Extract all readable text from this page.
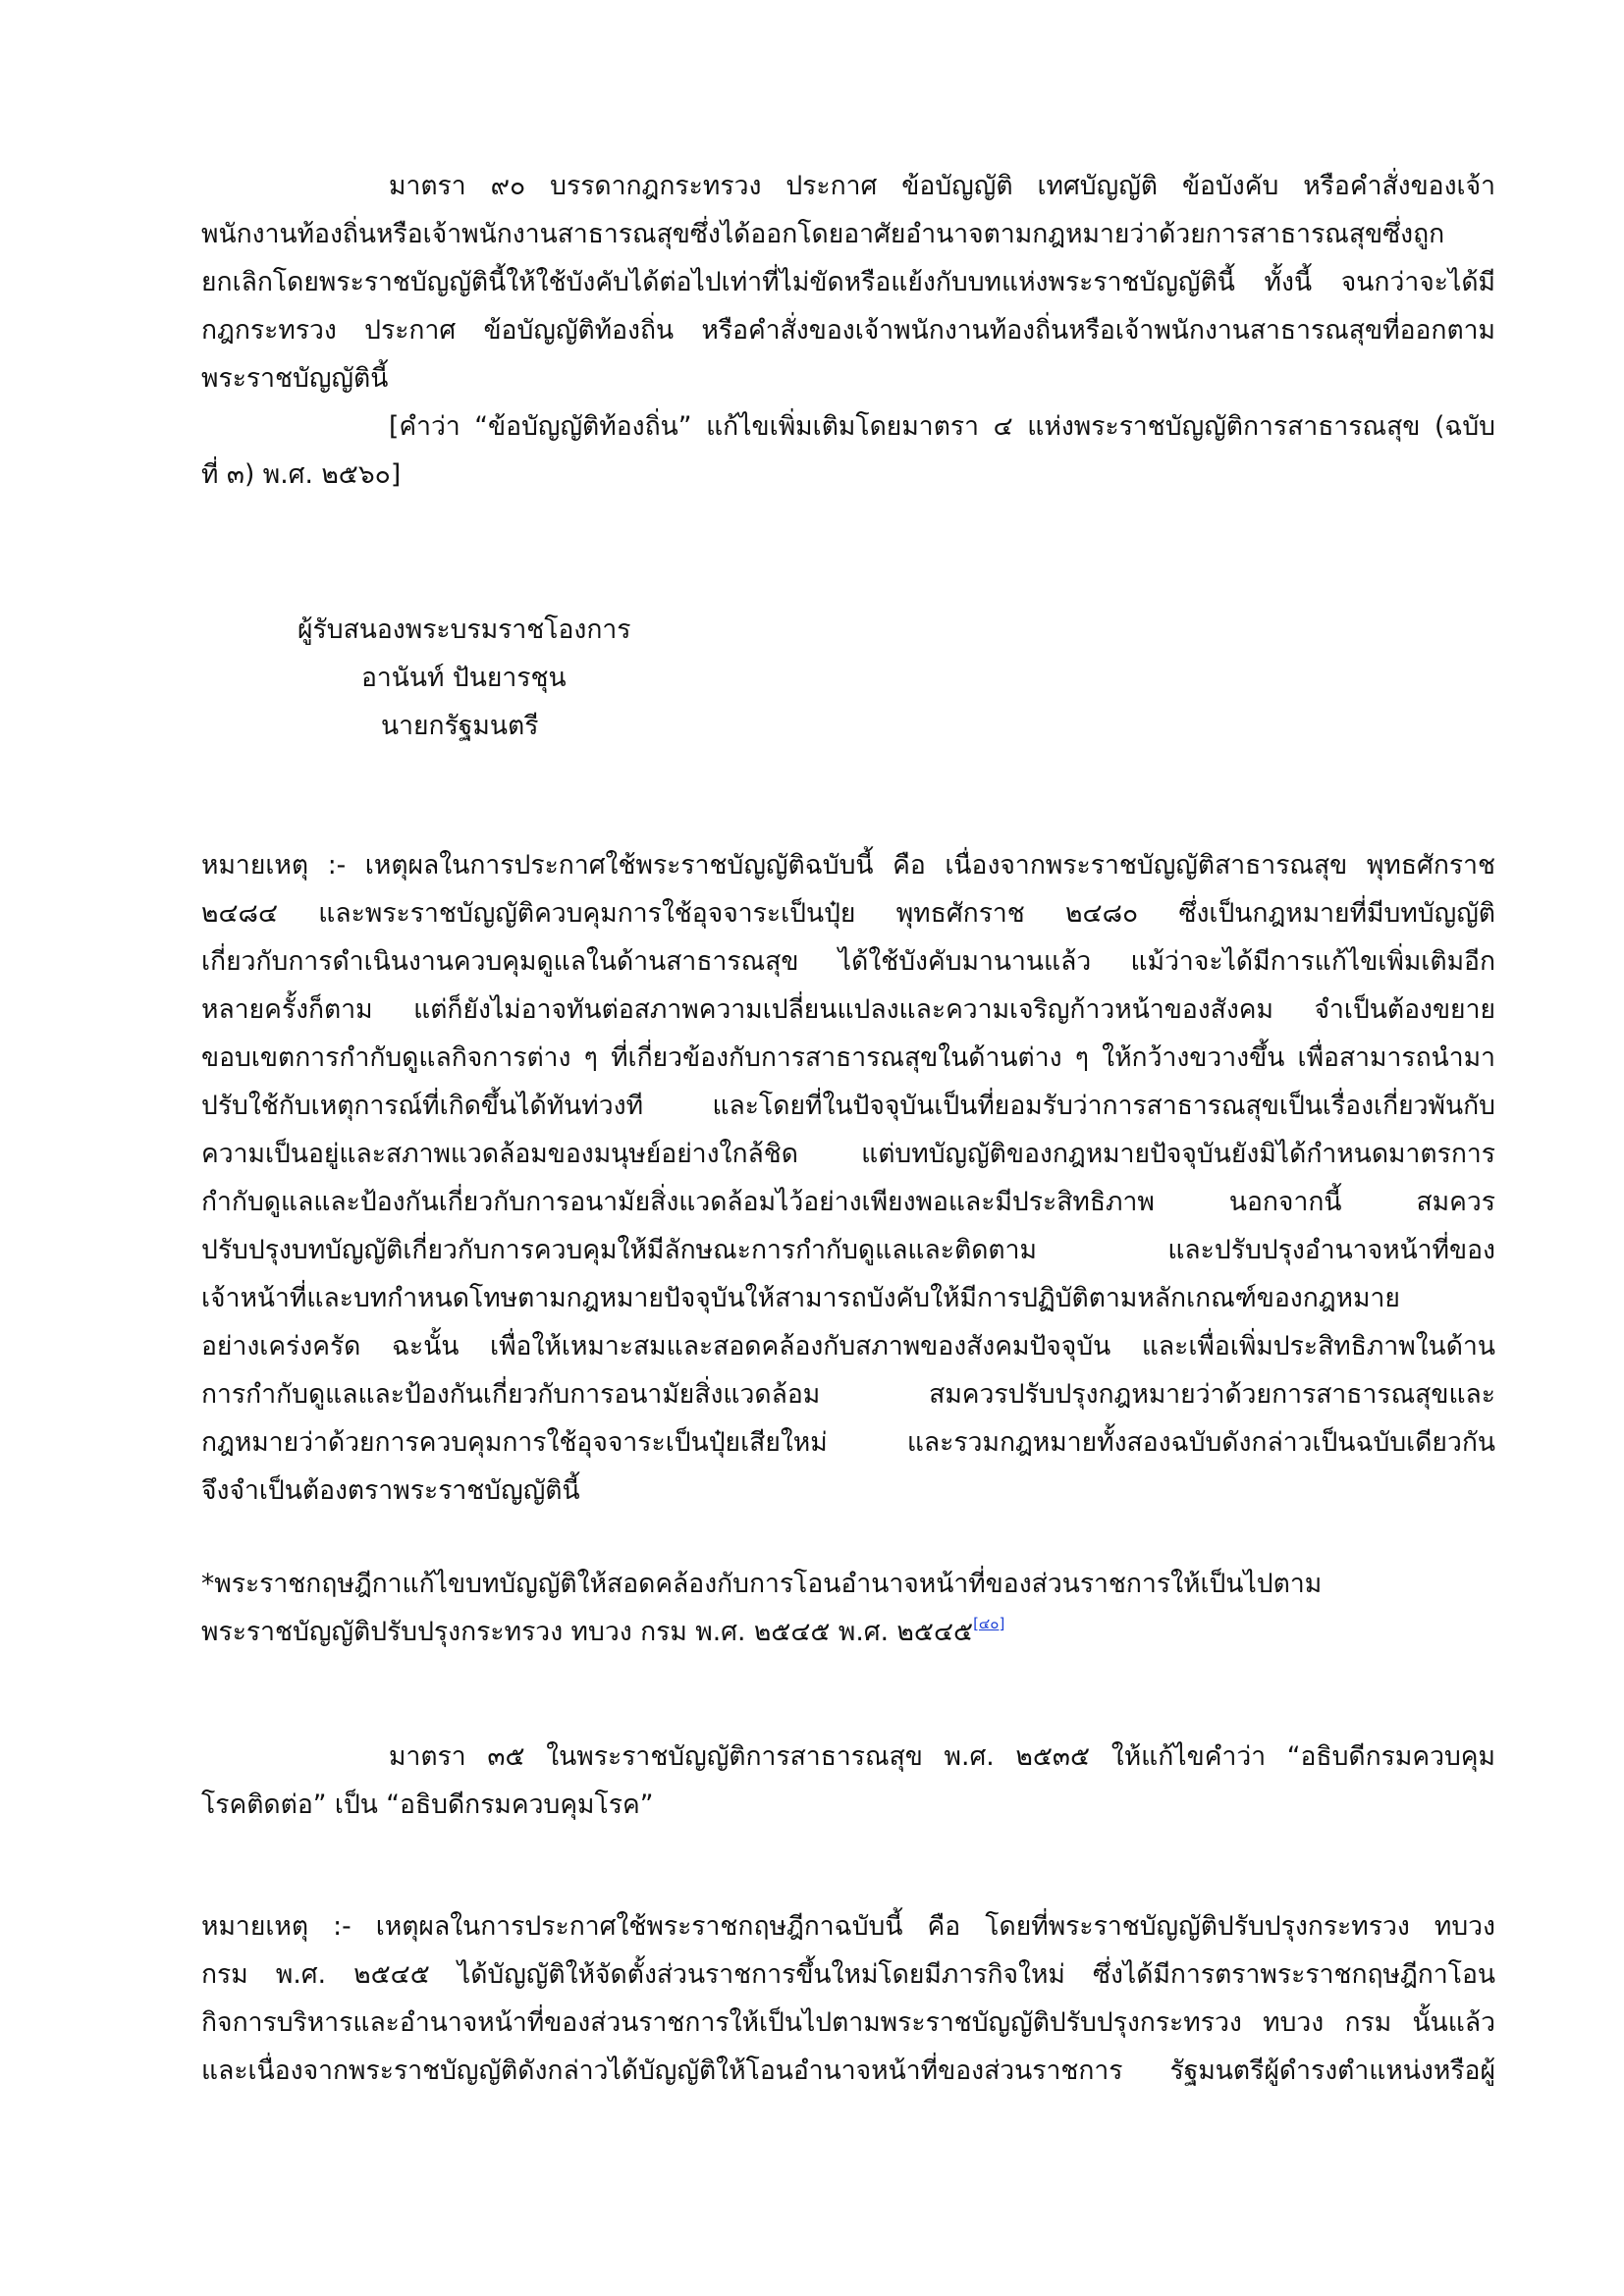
มาตรา ๙๐ บรรดากฎกระทรวง ประกาศ ข้อบัญญัติ เทศบัญญัติ ข้อบังคับ หรือคำสั่งของเจ้า

พนักงานท้องถิ่นหรือเจ้าพนักงานสาธารณสุขซึ่งได้ออกโดยอาศัยอำนาจตามกฎหมายว่าด้วยการสาธารณสุขซึ่งถูก

ยกเลิกโดยพระราชบัญญัตินี้ให้ใช้บังคับได้ต่อไปเท่าที่ไม่ขัดหรือแย้งกับบทแห่งพระราชบัญญัตินี้ ทั้งนี้ จนกว่าจะได้มี

กฎกระทรวง ประกาศ ข้อบัญญัติท้องถิ่น หรือคำสั่งของเจ้าพนักงานท้องถิ่นหรือเจ้าพนักงานสาธารณสุขที่ออกตาม

พระราชบัญญัตินี้

[คำว่า “ข้อบัญญัติท้องถิ่น” แก้ไขเพิ่มเติมโดยมาตรา ๔ แห่งพระราชบัญญัติการสาธารณสุข (ฉบับ

ที่ ๓) พ.ศ. ๒๕๖๐]

ผู้รับสนองพระบรมราชโองการ

อานันท์ ปันยารชุน

นายกรัฐมนตรี

หมายเหตุ :- เหตุผลในการประกาศใช้พระราชบัญญัติฉบับนี้ คือ เนื่องจากพระราชบัญญัติสาธารณสุข พุทธศักราช

๒๔๘๔ และพระราชบัญญัติควบคุมการใช้อุจจาระเป็นปุ๋ย พุทธศักราช ๒๔๘๐ ซึ่งเป็นกฎหมายที่มีบทบัญญัติ

เกี่ยวกับการดำเนินงานควบคุมดูแลในด้านสาธารณสุข ได้ใช้บังคับมานานแล้ว แม้ว่าจะได้มีการแก้ไขเพิ่มเติมอีก

หลายครั้งก็ตาม แต่ก็ยังไม่อาจทันต่อสภาพความเปลี่ยนแปลงและความเจริญก้าวหน้าของสังคม จำเป็นต้องขยาย

ขอบเขตการกำกับดูแลกิจการต่าง ๆ ที่เกี่ยวข้องกับการสาธารณสุขในด้านต่าง ๆ ให้กว้างขวางขึ้น เพื่อสามารถนำมา

ปรับใช้กับเหตุการณ์ที่เกิดขึ้นได้ทันท่วงที และโดยที่ในปัจจุบันเป็นที่ยอมรับว่าการสาธารณสุขเป็นเรื่องเกี่ยวพันกับ

ความเป็นอยู่และสภาพแวดล้อมของมนุษย์อย่างใกล้ชิด แต่บทบัญญัติของกฎหมายปัจจุบันยังมิได้กำหนดมาตรการ

กำกับดูแลและป้องกันเกี่ยวกับการอนามัยสิ่งแวดล้อมไว้อย่างเพียงพอและมีประสิทธิภาพ นอกจากนี้ สมควร

ปรับปรุงบทบัญญัติเกี่ยวกับการควบคุมให้มีลักษณะการกำกับดูแลและติดตาม และปรับปรุงอำนาจหน้าที่ของ

เจ้าหน้าที่และบทกำหนดโทษตามกฎหมายปัจจุบันให้สามารถบังคับให้มีการปฏิบัติตามหลักเกณฑ์ของกฎหมาย

อย่างเคร่งครัด ฉะนั้น เพื่อให้เหมาะสมและสอดคล้องกับสภาพของสังคมปัจจุบัน และเพื่อเพิ่มประสิทธิภาพในด้าน

การกำกับดูแลและป้องกันเกี่ยวกับการอนามัยสิ่งแวดล้อม สมควรปรับปรุงกฎหมายว่าด้วยการสาธารณสุขและ

กฎหมายว่าด้วยการควบคุมการใช้อุจจาระเป็นปุ๋ยเสียใหม่ และรวมกฎหมายทั้งสองฉบับดังกล่าวเป็นฉบับเดียวกัน

จึงจำเป็นต้องตราพระราชบัญญัตินี้

*พระราชกฤษฎีกาแก้ไขบทบัญญัติให้สอดคล้องกับการโอนอำนาจหน้าที่ของส่วนราชการให้เป็นไปตาม

พระราชบัญญัติปรับปรุงกระทรวง ทบวง กรม พ.ศ. ๒๕๔๕ พ.ศ. ๒๕๔๕[๔๐]

มาตรา ๓๕ ในพระราชบัญญัติการสาธารณสุข พ.ศ. ๒๕๓๕ ให้แก้ไขคำว่า “อธิบดีกรมควบคุม

โรคติดต่อ” เป็น “อธิบดีกรมควบคุมโรค”

หมายเหตุ :- เหตุผลในการประกาศใช้พระราชกฤษฎีกาฉบับนี้ คือ โดยที่พระราชบัญญัติปรับปรุงกระทรวง ทบวง

กรม พ.ศ. ๒๕๔๕ ได้บัญญัติให้จัดตั้งส่วนราชการขึ้นใหม่โดยมีภารกิจใหม่ ซึ่งได้มีการตราพระราชกฤษฎีกาโอน

กิจการบริหารและอำนาจหน้าที่ของส่วนราชการให้เป็นไปตามพระราชบัญญัติปรับปรุงกระทรวง ทบวง กรม นั้นแล้ว

และเนื่องจากพระราชบัญญัติดังกล่าวได้บัญญัติให้โอนอำนาจหน้าที่ของส่วนราชการ รัฐมนตรีผู้ดำรงตำแหน่งหรือผู้
